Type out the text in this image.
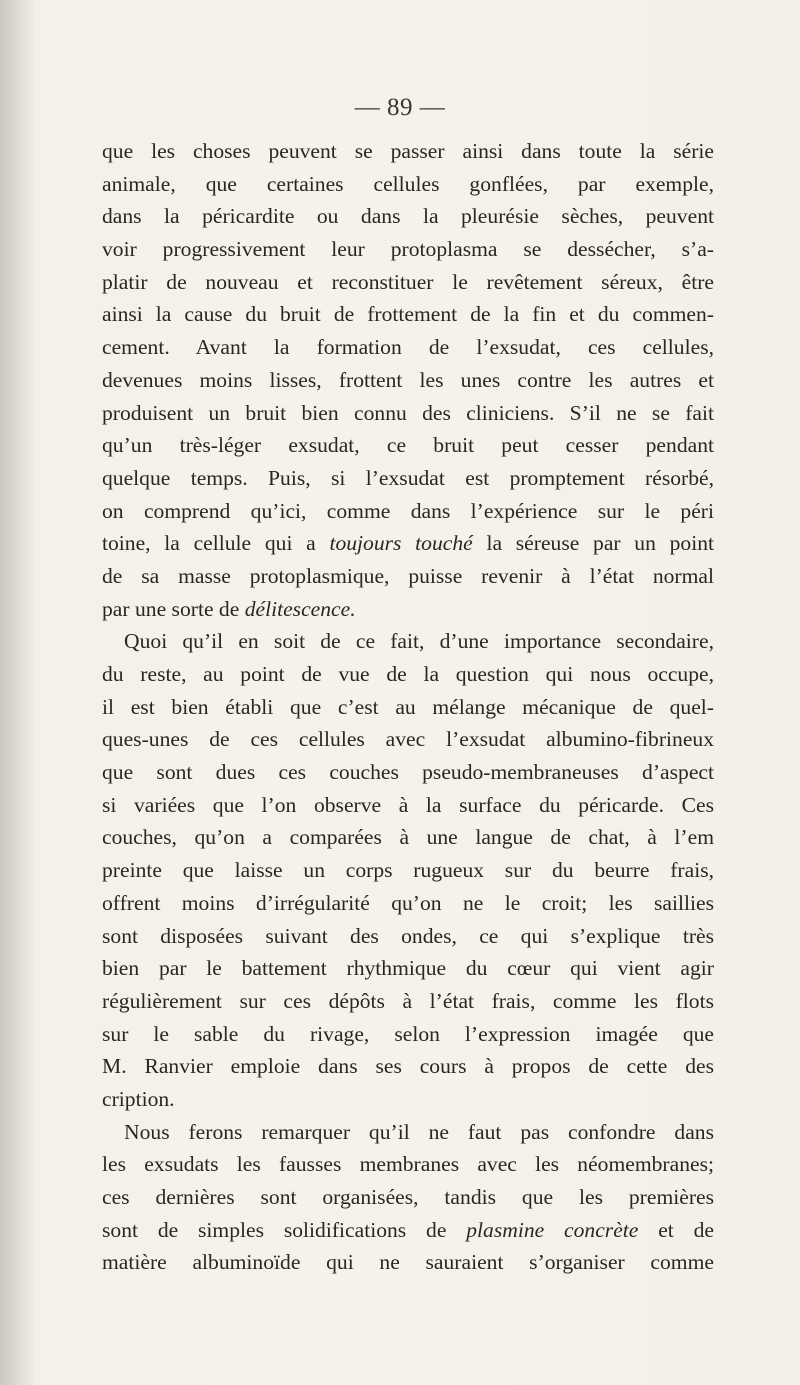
— 89 —
que les choses peuvent se passer ainsi dans toute la série
animale, que certaines cellules gonflées, par exemple,
dans la péricardite ou dans la pleurésie sèches, peuvent
voir progressivement leur protoplasma se dessécher, s’a-
platir de nouveau et reconstituer le revêtement séreux, être
ainsi la cause du bruit de frottement de la fin et du commen-
cement. Avant la formation de l’exsudat, ces cellules,
devenues moins lisses, frottent les unes contre les autres et
produisent un bruit bien connu des cliniciens. S’il ne se fait
qu’un très-léger exsudat, ce bruit peut cesser pendant
quelque temps. Puis, si l’exsudat est promptement résorbé,
on comprend qu’ici, comme dans l’expérience sur le péri
toine, la cellule qui a toujours touché la séreuse par un point
de sa masse protoplasmique, puisse revenir à l’état normal
par une sorte de délitescence.
Quoi qu’il en soit de ce fait, d’une importance secondaire,
du reste, au point de vue de la question qui nous occupe,
il est bien établi que c’est au mélange mécanique de quel-
ques-unes de ces cellules avec l’exsudat albumino-fibrineux
que sont dues ces couches pseudo-membraneuses d’aspect
si variées que l’on observe à la surface du péricarde. Ces
couches, qu’on a comparées à une langue de chat, à l’em
preinte que laisse un corps rugueux sur du beurre frais,
offrent moins d’irrégularité qu’on ne le croit; les saillies
sont disposées suivant des ondes, ce qui s’explique très
bien par le battement rhythmique du cœur qui vient agir
régulièrement sur ces dépôts à l’état frais, comme les flots
sur le sable du rivage, selon l’expression imagée que
M. Ranvier emploie dans ses cours à propos de cette des
cription.
Nous ferons remarquer qu’il ne faut pas confondre dans
les exsudats les fausses membranes avec les néomembranes;
ces dernières sont organisées, tandis que les premières
sont de simples solidifications de plasmine concrète et de
matière albuminoïde qui ne sauraient s’organiser comme
